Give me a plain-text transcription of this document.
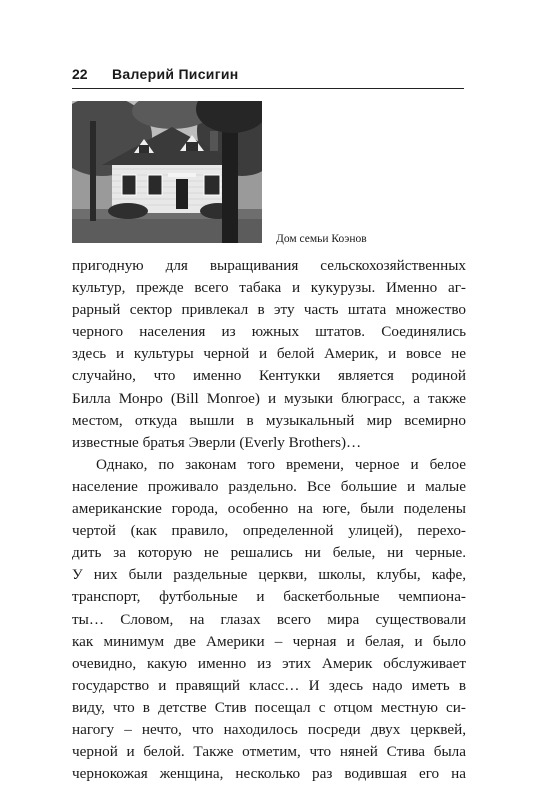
22 Валерий Писигин
Дом семьи Коэнов
пригодную для выращивания сельскохозяйственных
культур, прежде всего табака и кукурузы. Именно аг-
рарный сектор привлекал в эту часть штата множество
черного населения из южных штатов. Соединялись
здесь и культуры черной и белой Америк, и вовсе не
случайно, что именно Кентукки является родиной
Билла Монро (Bill Monroe) и музыки блюграсс, а также
местом, откуда вышли в музыкальный мир всемирно
известные братья Эверли (Everly Brothers)…
Однако, по законам того времени, черное и белое
население проживало раздельно. Все большие и малые
американские города, особенно на юге, были поделены
чертой (как правило, определенной улицей), перехо-
дить за которую не решались ни белые, ни черные.
У них были раздельные церкви, школы, клубы, кафе,
транспорт, футбольные и баскетбольные чемпиона-
ты… Словом, на глазах всего мира существовали
как минимум две Америки – черная и белая, и было
очевидно, какую именно из этих Америк обслуживает
государство и правящий класс… И здесь надо иметь в
виду, что в детстве Стив посещал с отцом местную си-
нагогу – нечто, что находилось посреди двух церквей,
черной и белой. Также отметим, что няней Стива была
чернокожая женщина, несколько раз водившая его на
